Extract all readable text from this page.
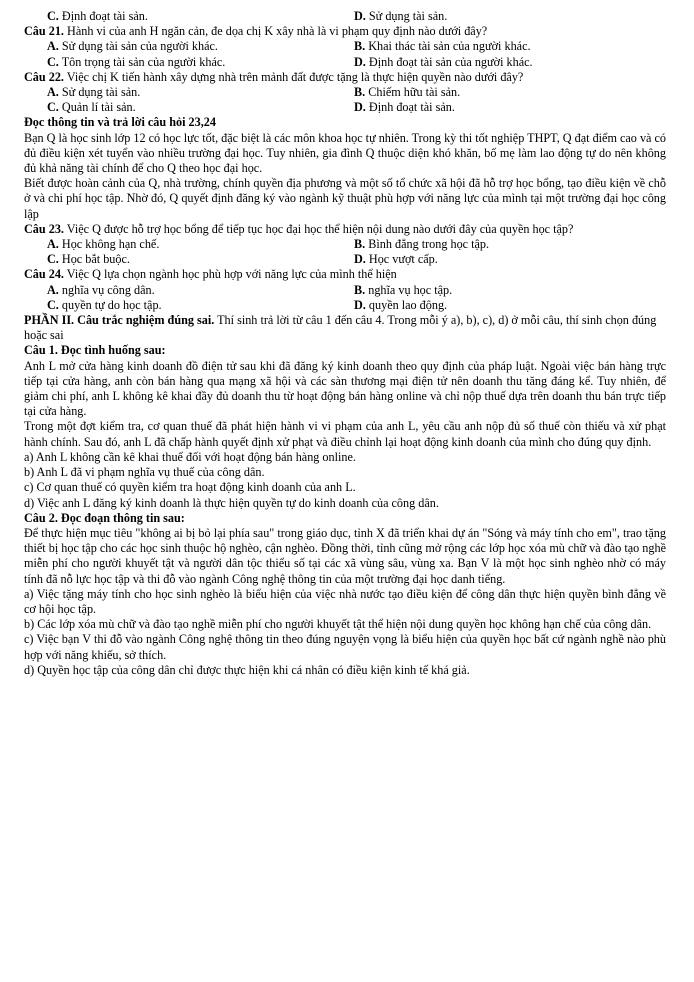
C. Định đoạt tài sản.	D. Sử dụng tài sản.

Câu 21. Hành vi của anh H ngăn cản, đe dọa chị K xây nhà là vi phạm quy định nào dưới đây?

A. Sử dụng tài sản của người khác.	B. Khai thác tài sản của người khác.
C. Tôn trọng tài sản của người khác.	D. Định đoạt tài sản của người khác.

Câu 22. Việc chị K tiến hành xây dựng nhà trên mảnh đất được tặng là thực hiện quyền nào dưới đây?

A. Sử dụng tài sản.	B. Chiếm hữu tài sản.
C. Quản lí tài sản.	D. Định đoạt tài sản.

Đọc thông tin và trả lời câu hỏi 23,24

Bạn Q là học sinh lớp 12 có học lực tốt, đặc biệt là các môn khoa học tự nhiên. Trong kỳ thi tốt nghiệp THPT, Q đạt điểm cao và có đủ điều kiện xét tuyển vào nhiều trường đại học. Tuy nhiên, gia đình Q thuộc diện khó khăn, bố mẹ làm lao động tự do nên không đủ khả năng tài chính để cho Q theo học đại học.

Biết được hoàn cảnh của Q, nhà trường, chính quyền địa phương và một số tổ chức xã hội đã hỗ trợ học bổng, tạo điều kiện về chỗ ở và chi phí học tập. Nhờ đó, Q quyết định đăng ký vào ngành kỹ thuật phù hợp với năng lực của mình tại một trường đại học công lập

Câu 23. Việc Q được hỗ trợ học bổng để tiếp tục học đại học thể hiện nội dung nào dưới đây của quyền học tập?

A. Học không hạn chế.	B. Bình đẳng trong học tập.
C. Học bắt buộc.	D. Học vượt cấp.

Câu 24. Việc Q lựa chọn ngành học phù hợp với năng lực của mình thể hiện

A. nghĩa vụ công dân.	B. nghĩa vụ học tập.
C. quyền tự do học tập.	D. quyền lao động.

PHẦN II. Câu trắc nghiệm đúng sai. Thí sinh trả lời từ câu 1 đến câu 4. Trong mỗi ý a), b), c), d) ở mỗi câu, thí sinh chọn đúng hoặc sai

Câu 1. Đọc tình huống sau:

Anh L mở cửa hàng kinh doanh đồ điện tử sau khi đã đăng ký kinh doanh theo quy định của pháp luật. Ngoài việc bán hàng trực tiếp tại cửa hàng, anh còn bán hàng qua mạng xã hội và các sàn thương mại điện tử nên doanh thu tăng đáng kể. Tuy nhiên, để giảm chi phí, anh L không kê khai đầy đủ doanh thu từ hoạt động bán hàng online và chỉ nộp thuế dựa trên doanh thu bán trực tiếp tại cửa hàng.

Trong một đợt kiểm tra, cơ quan thuế đã phát hiện hành vi vi phạm của anh L, yêu cầu anh nộp đủ số thuế còn thiếu và xử phạt hành chính. Sau đó, anh L đã chấp hành quyết định xử phạt và điều chỉnh lại hoạt động kinh doanh của mình cho đúng quy định.

a) Anh L không cần kê khai thuế đối với hoạt động bán hàng online.

b) Anh L đã vi phạm nghĩa vụ thuế của công dân.

c) Cơ quan thuế có quyền kiểm tra hoạt động kinh doanh của anh L.

d) Việc anh L đăng ký kinh doanh là thực hiện quyền tự do kinh doanh của công dân.

Câu 2. Đọc đoạn thông tin sau:

Để thực hiện mục tiêu "không ai bị bỏ lại phía sau" trong giáo dục, tỉnh X đã triển khai dự án "Sóng và máy tính cho em", trao tặng thiết bị học tập cho các học sinh thuộc hộ nghèo, cận nghèo. Đồng thời, tỉnh cũng mở rộng các lớp học xóa mù chữ và đào tạo nghề miễn phí cho người khuyết tật và người dân tộc thiểu số tại các xã vùng sâu, vùng xa. Bạn V là một học sinh nghèo nhờ có máy tính đã nỗ lực học tập và thi đỗ vào ngành Công nghệ thông tin của một trường đại học danh tiếng.

a) Việc tặng máy tính cho học sinh nghèo là biểu hiện của việc nhà nước tạo điều kiện để công dân thực hiện quyền bình đẳng về cơ hội học tập.

b) Các lớp xóa mù chữ và đào tạo nghề miễn phí cho người khuyết tật thể hiện nội dung quyền học không hạn chế của công dân.

c) Việc bạn V thi đỗ vào ngành Công nghệ thông tin theo đúng nguyện vọng là biểu hiện của quyền học bất cứ ngành nghề nào phù hợp với năng khiếu, sở thích.

d) Quyền học tập của công dân chỉ được thực hiện khi cá nhân có điều kiện kinh tế khá giả.
